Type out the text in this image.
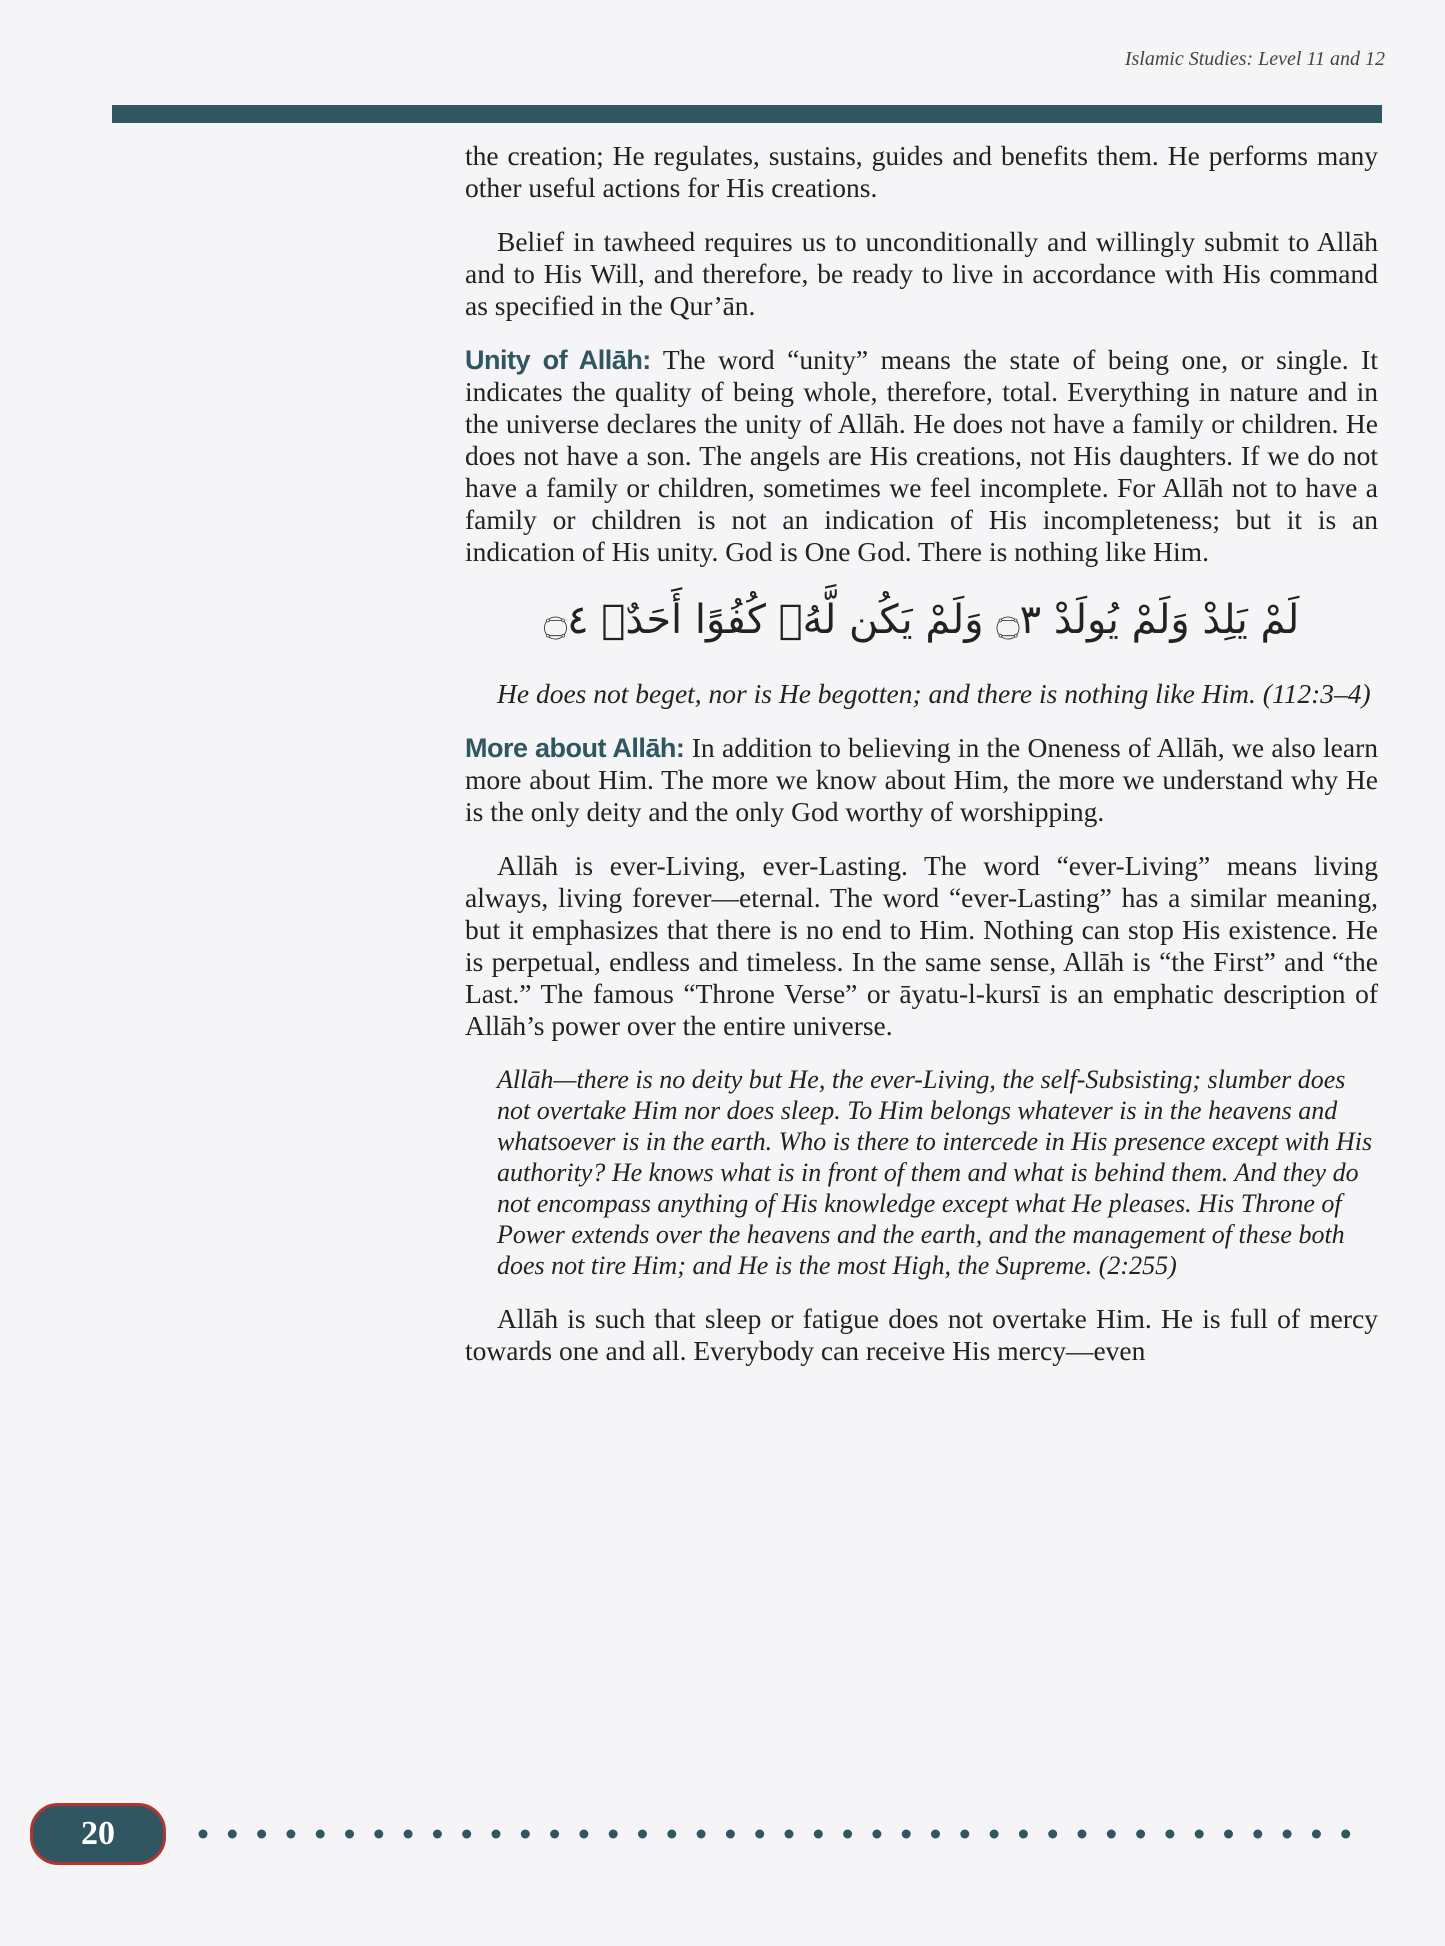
Islamic Studies: Level 11 and 12

the creation; He regulates, sustains, guides and benefits them. He performs many other useful actions for His creations.

Belief in tawheed requires us to unconditionally and willingly submit to Allāh and to His Will, and therefore, be ready to live in accordance with His command as specified in the Qur’ān.

Unity of Allāh: The word “unity” means the state of being one, or single. It indicates the quality of being whole, therefore, total. Everything in nature and in the universe declares the unity of Allāh. He does not have a family or children. He does not have a son. The angels are His creations, not His daughters. If we do not have a family or children, sometimes we feel incomplete. For Allāh not to have a family or children is not an indication of His incompleteness; but it is an indication of His unity. God is One God. There is nothing like Him.

لَمْ يَلِدْ وَلَمْ يُولَدْ ۝٣ وَلَمْ يَكُن لَّهُۥ كُفُوًا أَحَدٌۢ ۝٤

He does not beget, nor is He begotten; and there is nothing like Him. (112:3–4)

More about Allāh: In addition to believing in the Oneness of Allāh, we also learn more about Him. The more we know about Him, the more we understand why He is the only deity and the only God worthy of worshipping.

Allāh is ever-Living, ever-Lasting. The word “ever-Living” means living always, living forever—eternal. The word “ever-Lasting” has a similar meaning, but it emphasizes that there is no end to Him. Nothing can stop His existence. He is perpetual, endless and timeless. In the same sense, Allāh is “the First” and “the Last.” The famous “Throne Verse” or āyatu-l-kursī is an emphatic description of Allāh’s power over the entire universe.

Allāh—there is no deity but He, the ever-Living, the self-Subsisting; slumber does not overtake Him nor does sleep. To Him belongs whatever is in the heavens and whatsoever is in the earth. Who is there to intercede in His presence except with His authority? He knows what is in front of them and what is behind them. And they do not encompass anything of His knowledge except what He pleases. His Throne of Power extends over the heavens and the earth, and the management of these both does not tire Him; and He is the most High, the Supreme. (2:255)

Allāh is such that sleep or fatigue does not overtake Him. He is full of mercy towards one and all. Everybody can receive His mercy—even

20
